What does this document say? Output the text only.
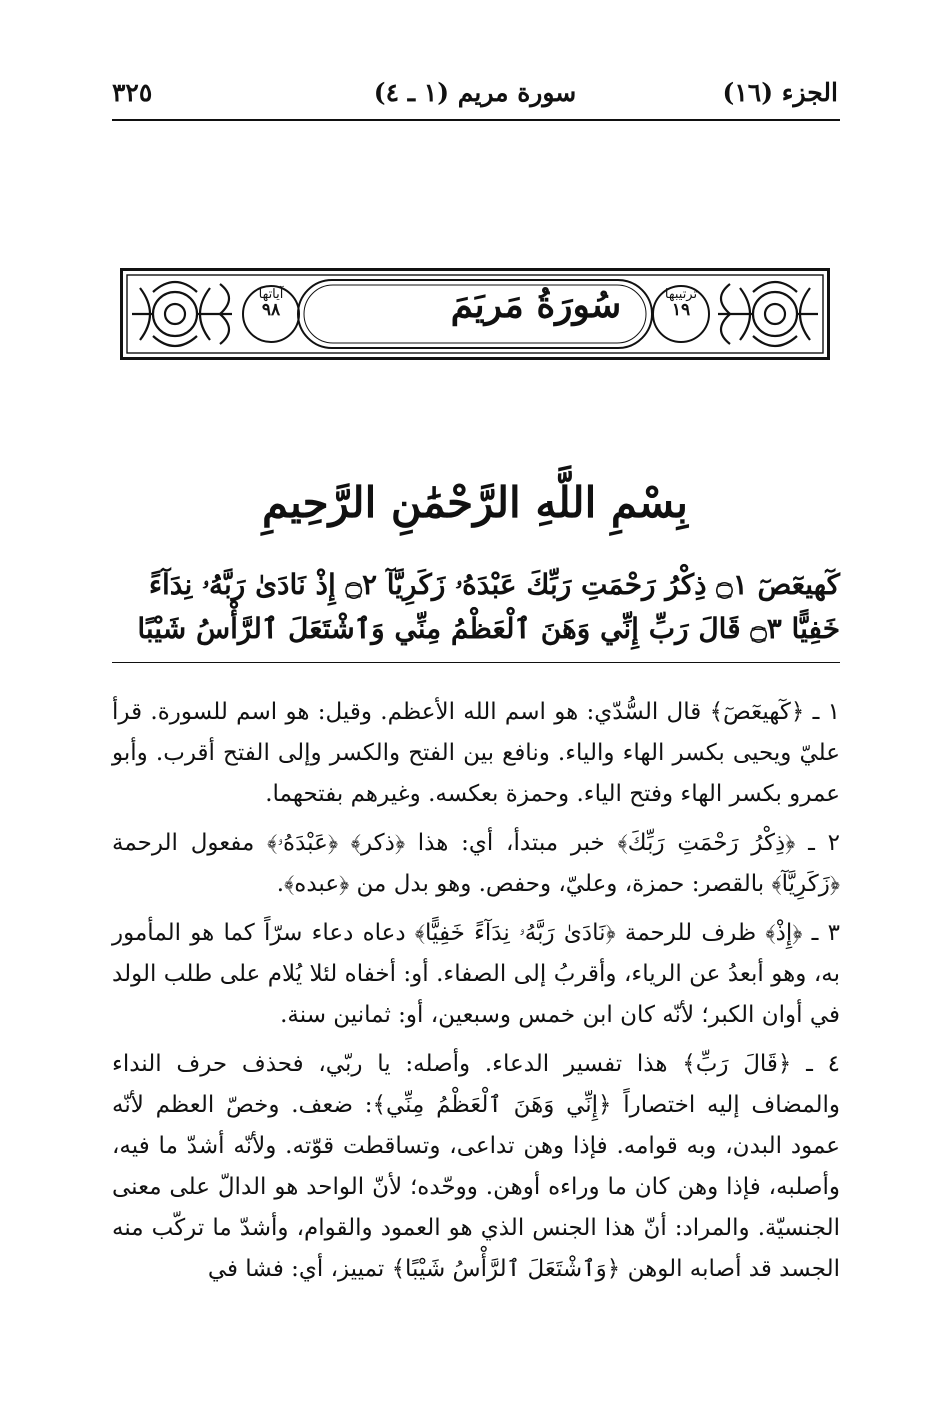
الجزء (١٦)
سورة مريم (١ ـ ٤)
٣٢٥
سُورَةُ مَريَمَ	ترتيبها
١٩
آياتها
٩٨
بِسْمِ اللَّهِ الرَّحْمَٰنِ الرَّحِيمِ
كٓهيعٓصٓ ۝١ ذِكْرُ رَحْمَتِ رَبِّكَ عَبْدَهُۥ زَكَرِيَّآ ۝٢ إِذْ نَادَىٰ رَبَّهُۥ نِدَآءً
خَفِيًّا ۝٣ قَالَ رَبِّ إِنِّي وَهَنَ ٱلْعَظْمُ مِنِّي وَٱشْتَعَلَ ٱلرَّأْسُ شَيْبًا

١ ـ ﴿كٓهيعٓصٓ﴾ قال السُّدّي: هو اسم الله الأعظم. وقيل: هو اسم للسورة. قرأ عليّ ويحيى بكسر الهاء والياء. ونافع بين الفتح والكسر وإلى الفتح أقرب. وأبو عمرو بكسر الهاء وفتح الياء. وحمزة بعكسه. وغيرهم بفتحهما.

٢ ـ ﴿ذِكْرُ رَحْمَتِ رَبِّكَ﴾ خبر مبتدأ، أي: هذا ﴿ذكر﴾ ﴿عَبْدَهُۥ﴾ مفعول الرحمة ﴿زَكَرِيَّآ﴾ بالقصر: حمزة، وعليّ، وحفص. وهو بدل من ﴿عبده﴾.

٣ ـ ﴿إِذْ﴾ ظرف للرحمة ﴿نَادَىٰ رَبَّهُۥ نِدَآءً خَفِيًّا﴾ دعاه دعاء سرّاً كما هو المأمور به، وهو أبعدُ عن الرياء، وأقربُ إلى الصفاء. أو: أخفاه لئلا يُلام على طلب الولد في أوان الكبر؛ لأنّه كان ابن خمس وسبعين، أو: ثمانين سنة.

٤ ـ ﴿قَالَ رَبِّ﴾ هذا تفسير الدعاء. وأصله: يا ربّي، فحذف حرف النداء والمضاف إليه اختصاراً ﴿إِنِّي وَهَنَ ٱلْعَظْمُ مِنِّي﴾: ضعف. وخصّ العظم لأنّه عمود البدن، وبه قوامه. فإذا وهن تداعى، وتساقطت قوّته. ولأنّه أشدّ ما فيه، وأصلبه، فإذا وهن كان ما وراءه أوهن. ووحّده؛ لأنّ الواحد هو الدالّ على معنى الجنسيّة. والمراد: أنّ هذا الجنس الذي هو العمود والقوام، وأشدّ ما تركّب منه الجسد قد أصابه الوهن ﴿وَٱشْتَعَلَ ٱلرَّأْسُ شَيْبًا﴾ تمييز، أي: فشا في
